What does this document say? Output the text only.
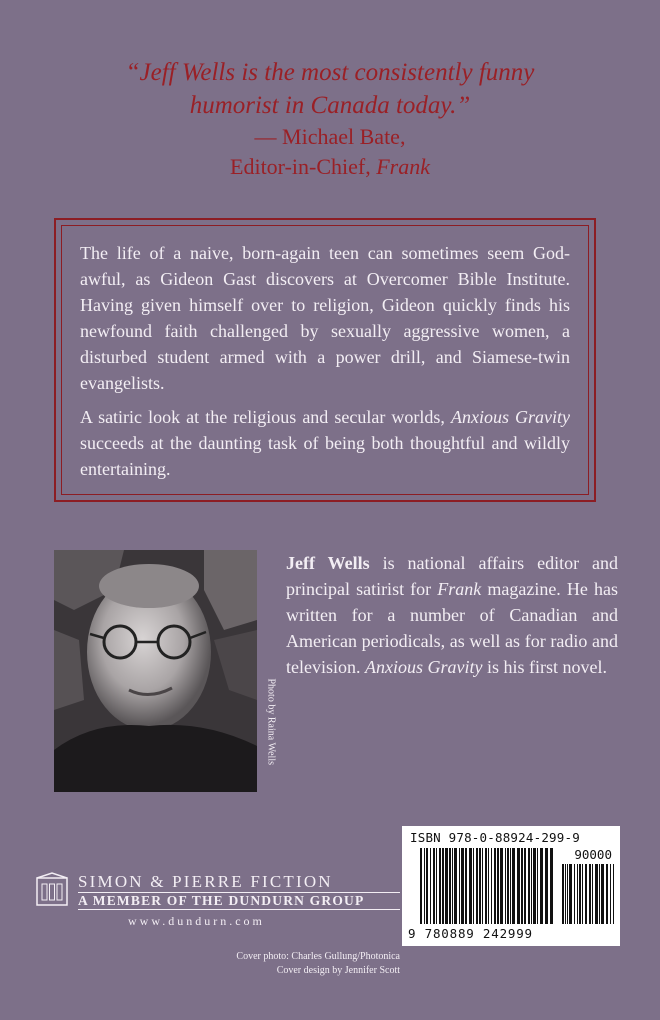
“Jeff Wells is the most consistently funny
humorist in Canada today.”
— Michael Bate,
Editor-in-Chief, Frank

The life of a naive, born-again teen can sometimes seem God-awful, as Gideon Gast discovers at Overcomer Bible Institute. Having given himself over to religion, Gideon quickly finds his newfound faith challenged by sexually aggressive women, a disturbed student armed with a power drill, and Siamese-twin evangelists.

A satiric look at the religious and secular worlds, Anxious Gravity succeeds at the daunting task of being both thoughtful and wildly entertaining.

Photo by Raina Wells
Jeff Wells is national affairs editor and principal satirist for Frank magazine. He has written for a number of Canadian and American periodicals, as well as for radio and television. Anxious Gravity is his first novel.
ISBN 978-0-88924-299-9
90000
9 780889 242999
SIMON & PIERRE FICTION
A MEMBER OF THE DUNDURN GROUP
www.dundurn.com
Cover photo: Charles Gullung/Photonica
Cover design by Jennifer Scott
